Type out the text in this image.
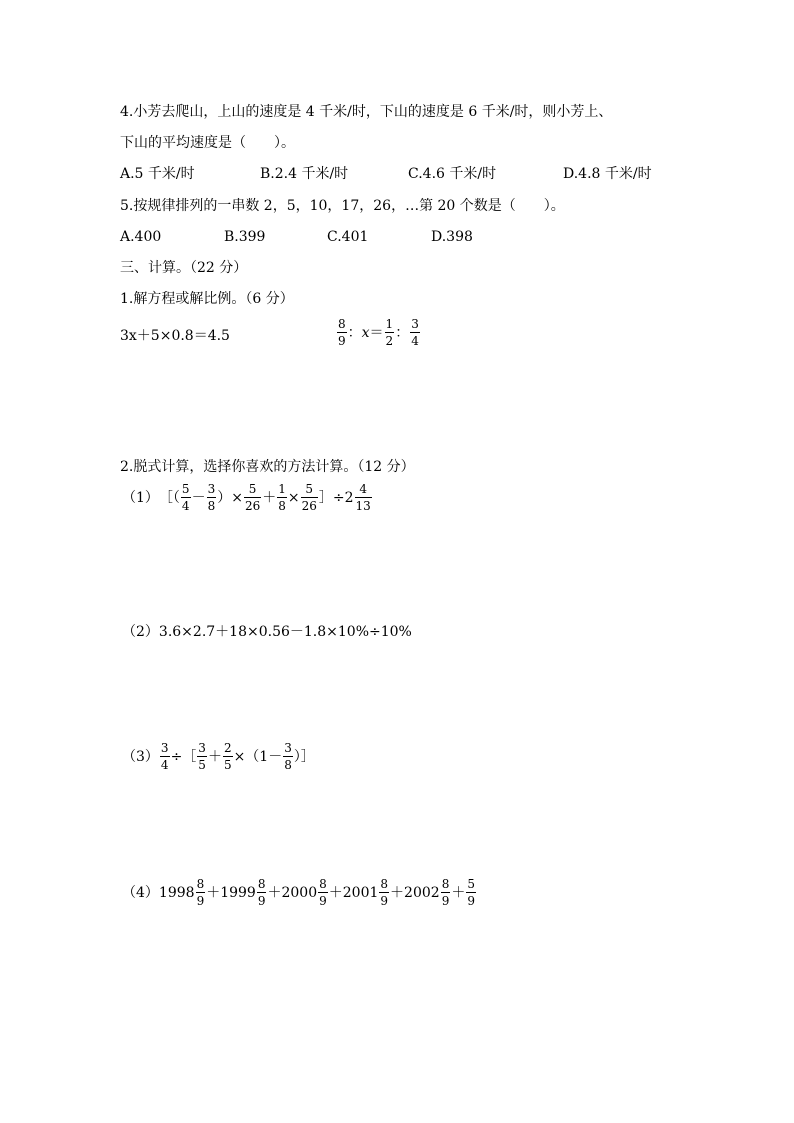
4.小芳去爬山，上山的速度是 4 千米/时，下山的速度是 6 千米/时，则小芳上、
下山的平均速度是（　　）。
A.5 千米/时	B.2.4 千米/时	C.4.6 千米/时	D.4.8 千米/时
5.按规律排列的一串数 2，5，10，17，26，…第 20 个数是（　　）。
A.400	B.399	C.401	D.398
三、计算。（22 分）
1.解方程或解比例。（6 分）
3x＋5×0.8＝4.5	$\frac{8}{9}$ ： $x = \frac{1}{2}$ ： $\frac{3}{4}$
2.脱式计算，选择你喜欢的方法计算。（12 分）
（1） ［（ $\frac{5}{4} - \frac{3}{8}$ ）× $\frac{5}{26} + \frac{1}{8} \times \frac{5}{26}$ ］÷2 $\frac{4}{13}$
（2） 3.6×2.7＋18×0.56－1.8×10%÷10%
$(3) \frac{3}{4}$ ÷［ $\frac{3}{5} + \frac{2}{5} \times(1- \frac{3}{8}$ ）］
（4） $1998 \frac{8}{9} +1999 \frac{8}{9} +2000 \frac{8}{9} +2001 \frac{8}{9} +2002 \frac{8}{9} + \frac{5}{9}$
